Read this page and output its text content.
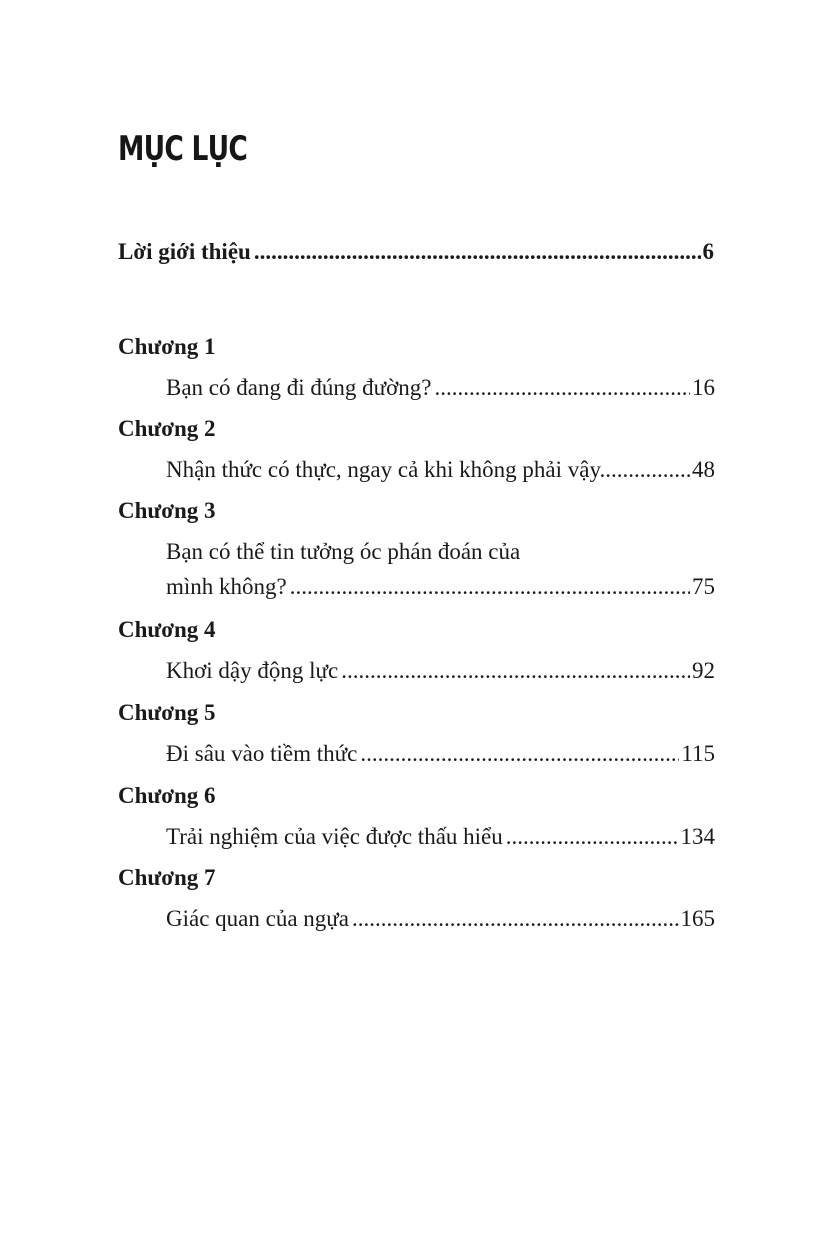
MỤC LỤC
Lời giới thiệu .....	6
Chương 1
Bạn có đang đi đúng đường? .....	16
Chương 2
Nhận thức có thực, ngay cả khi không phải vậy... .....	48
Chương 3
Bạn có thể tin tưởng óc phán đoán của
mình không? .....	75
Chương 4
Khơi dậy động lực .....	92
Chương 5
Đi sâu vào tiềm thức .....	115
Chương 6
Trải nghiệm của việc được thấu hiểu .....	134
Chương 7
Giác quan của ngựa .....	165
